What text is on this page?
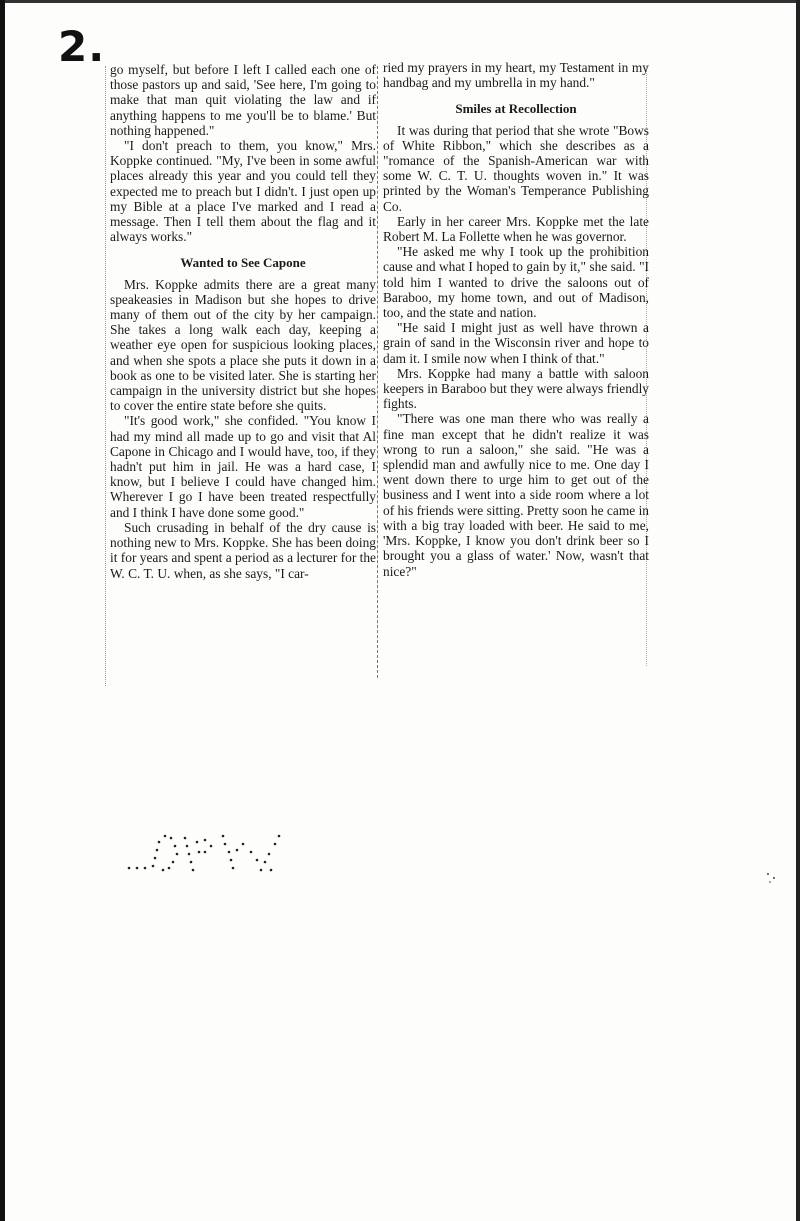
2. go myself, but before I left I called each one of those pastors up and said, 'See here, I'm going to make that man quit violating the law and if anything happens to me you'll be to blame.' But nothing happened."

"I don't preach to them, you know," Mrs. Koppke continued. "My, I've been in some awful places already this year and you could tell they expected me to preach but I didn't. I just open up my Bible at a place I've marked and I read a message. Then I tell them about the flag and it always works."

Wanted to See Capone

Mrs. Koppke admits there are a great many speakeasies in Madison but she hopes to drive many of them out of the city by her campaign. She takes a long walk each day, keeping a weather eye open for suspicious looking places, and when she spots a place she puts it down in a book as one to be visited later. She is starting her campaign in the university district but she hopes to cover the entire state before she quits.

"It's good work," she confided. "You know I had my mind all made up to go and visit that Al Capone in Chicago and I would have, too, if they hadn't put him in jail. He was a hard case, I know, but I believe I could have changed him. Wherever I go I have been treated respectfully and I think I have done some good."

Such crusading in behalf of the dry cause is nothing new to Mrs. Koppke. She has been doing it for years and spent a period as a lecturer for the W. C. T. U. when, as she says, "I car-

ried my prayers in my heart, my Testament in my handbag and my umbrella in my hand."

Smiles at Recollection

It was during that period that she wrote "Bows of White Ribbon," which she describes as a "romance of the Spanish-American war with some W. C. T. U. thoughts woven in." It was printed by the Woman's Temperance Publishing Co.

Early in her career Mrs. Koppke met the late Robert M. La Follette when he was governor.

"He asked me why I took up the prohibition cause and what I hoped to gain by it," she said. "I told him I wanted to drive the saloons out of Baraboo, my home town, and out of Madison, too, and the state and nation.

"He said I might just as well have thrown a grain of sand in the Wisconsin river and hope to dam it. I smile now when I think of that."

Mrs. Koppke had many a battle with saloon keepers in Baraboo but they were always friendly fights.

"There was one man there who was really a fine man except that he didn't realize it was wrong to run a saloon," she said. "He was a splendid man and awfully nice to me. One day I went down there to urge him to get out of the business and I went into a side room where a lot of his friends were sitting. Pretty soon he came in with a big tray loaded with beer. He said to me, 'Mrs. Koppke, I know you don't drink beer so I brought you a glass of water.' Now, wasn't that nice?"
